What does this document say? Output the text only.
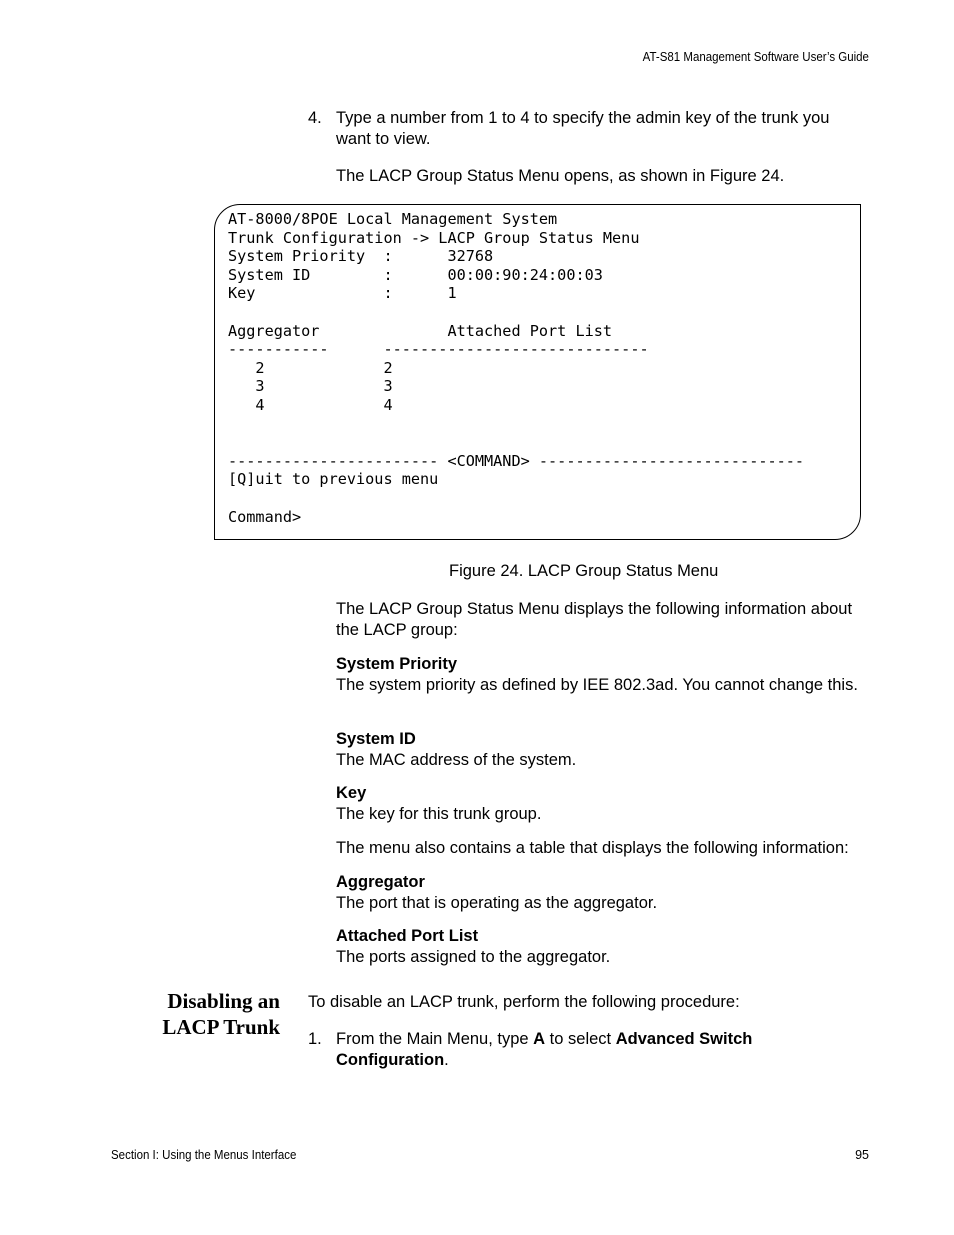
AT-S81 Management Software User’s Guide
4. Type a number from 1 to 4 to specify the admin key of the trunk you want to view.
The LACP Group Status Menu opens, as shown in Figure 24.
AT-8000/8POE Local Management System
Trunk Configuration -> LACP Group Status Menu
System Priority  :      32768
System ID        :      00:00:90:24:00:03
Key              :      1

Aggregator              Attached Port List
-----------      -----------------------------
2             2
3             3
4             4

----------------------- <COMMAND> -----------------------------
[Q]uit to previous menu

Command>
Figure 24. LACP Group Status Menu
The LACP Group Status Menu displays the following information about the LACP group:
System Priority
The system priority as defined by IEE 802.3ad. You cannot change this.
System ID
The MAC address of the system.
Key
The key for this trunk group.
The menu also contains a table that displays the following information:
Aggregator
The port that is operating as the aggregator.
Attached Port List
The ports assigned to the aggregator.
Disabling an
LACP Trunk
To disable an LACP trunk, perform the following procedure:
1. From the Main Menu, type A to select Advanced Switch Configuration.
Section I: Using the Menus Interface	95
